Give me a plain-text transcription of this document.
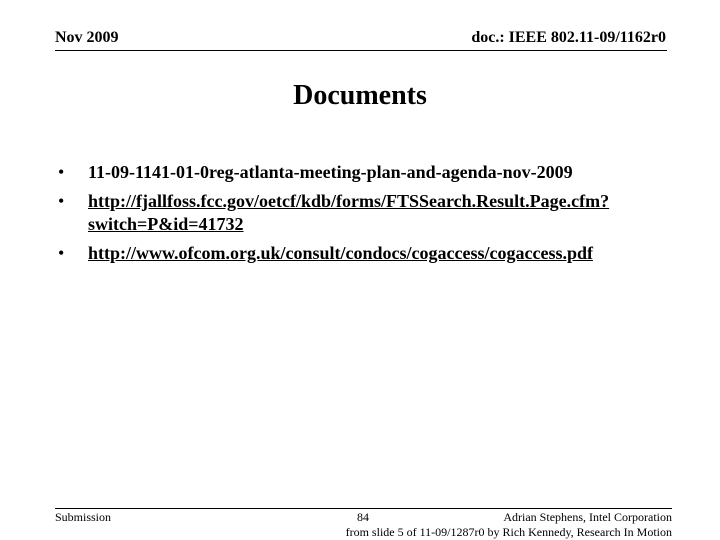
Nov 2009	doc.: IEEE 802.11-09/1162r0
Documents
• 11-09-1141-01-0reg-atlanta-meeting-plan-and-agenda-nov-2009
• http://fjallfoss.fcc.gov/oetcf/kdb/forms/FTSSearch.Result.Page.cfm?switch=P&id=41732
• http://www.ofcom.org.uk/consult/condocs/cogaccess/cogaccess.pdf
Submission	84	Adrian Stephens, Intel Corporation
from slide 5 of 11-09/1287r0 by Rich Kennedy, Research In Motion
